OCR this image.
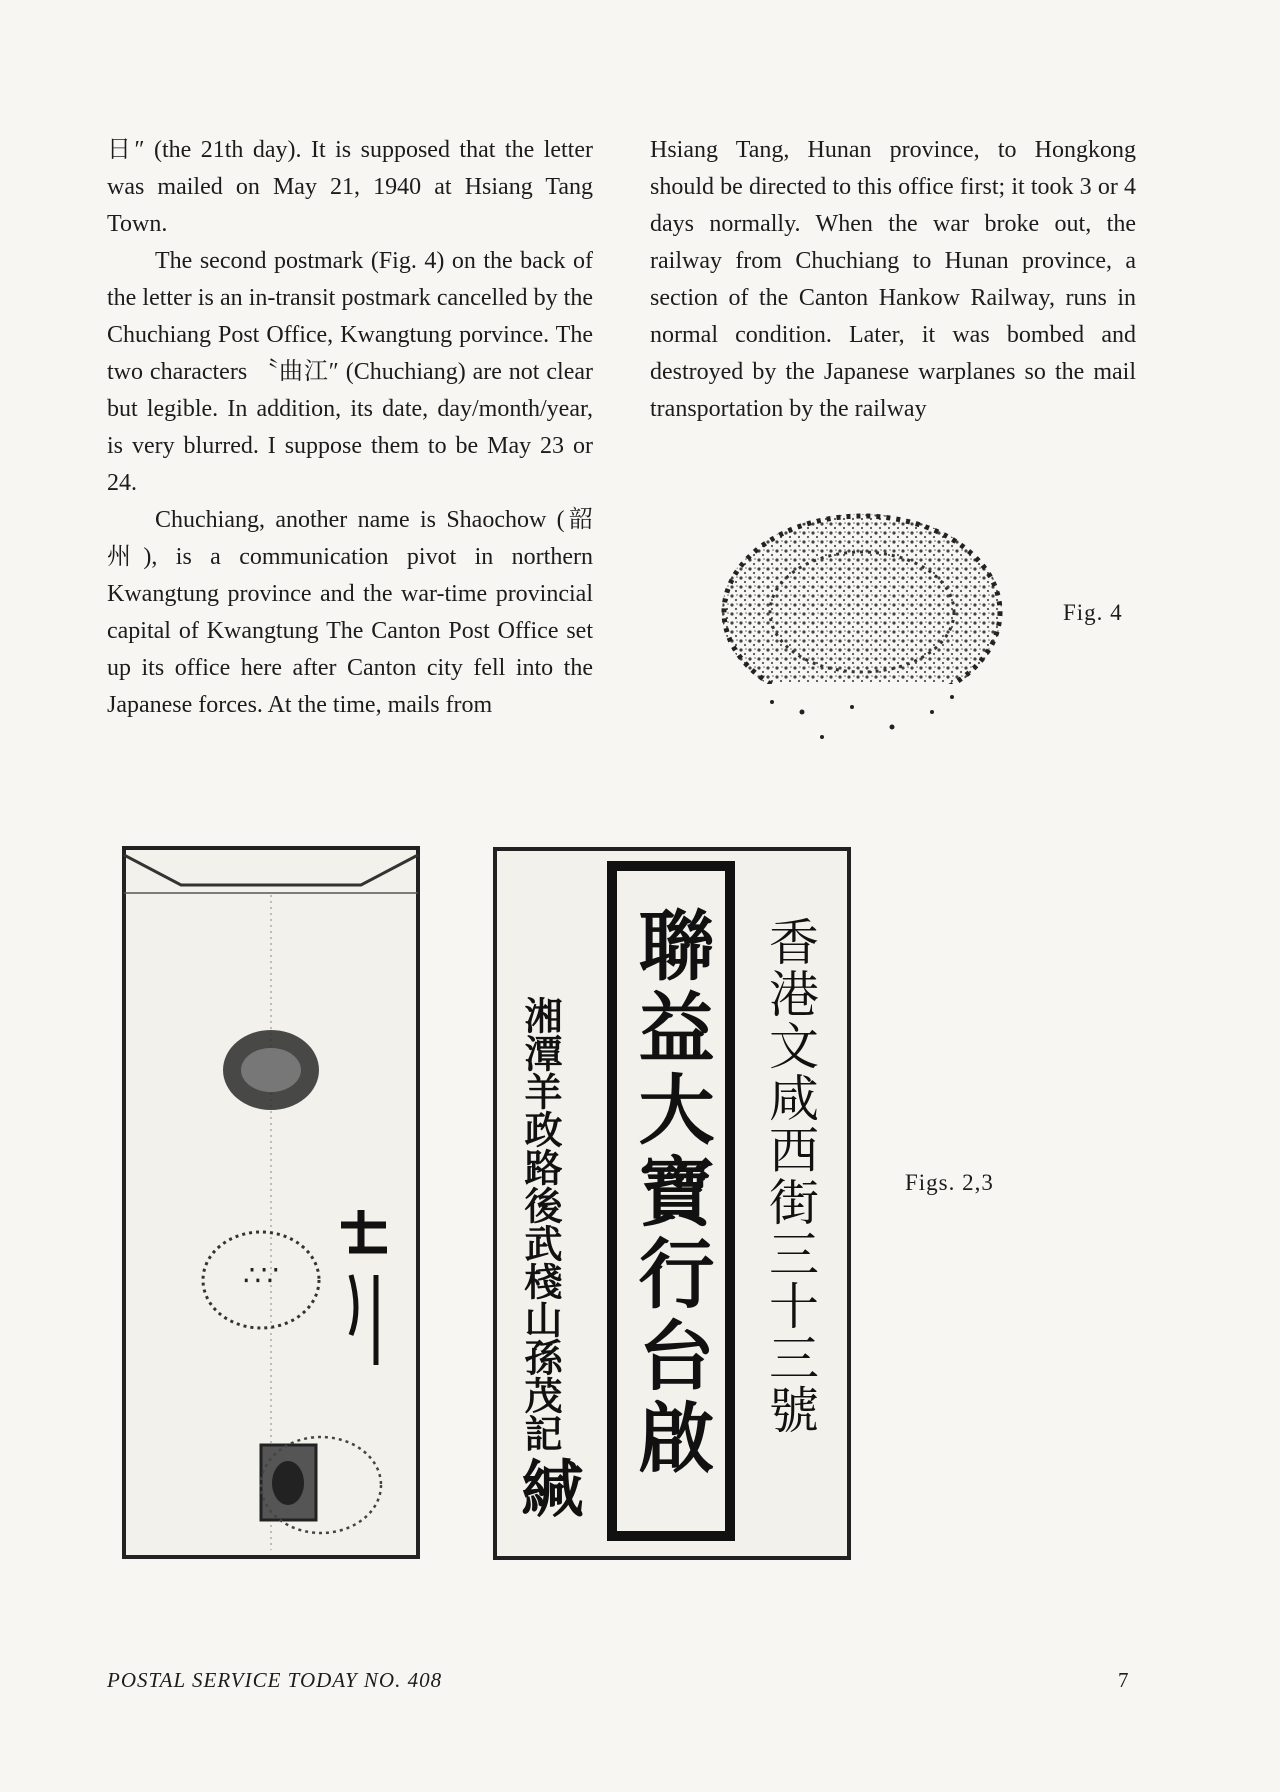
日″ (the 21th day). It is supposed that the letter was mailed on May 21, 1940 at Hsiang Tang Town.

The second postmark (Fig. 4) on the back of the letter is an in-transit postmark cancelled by the Chuchiang Post Office, Kwangtung porvince. The two characters 〝曲江″ (Chuchiang) are not clear but legible. In addition, its date, day/month/year, is very blurred. I suppose them to be May 23 or 24.

Chuchiang, another name is Shaochow (韶州), is a communication pivot in northern Kwangtung province and the war-time provincial capital of Kwangtung The Canton Post Office set up its office here after Canton city fell into the Japanese forces. At the time, mails from

Hsiang Tang, Hunan province, to Hongkong should be directed to this office first; it took 3 or 4 days normally. When the war broke out, the railway from Chuchiang to Hunan province, a section of the Canton Hankow Railway, runs in normal condition. Later, it was bombed and destroyed by the Japanese warplanes so the mail transportation by the railway

Fig. 4
∴∵	聯益大寶行台啟 香港文咸西街三十三號
湘潭羊政路後武棧山孫茂記
緘
Figs. 2,3
POSTAL SERVICE TODAY NO. 408	7
